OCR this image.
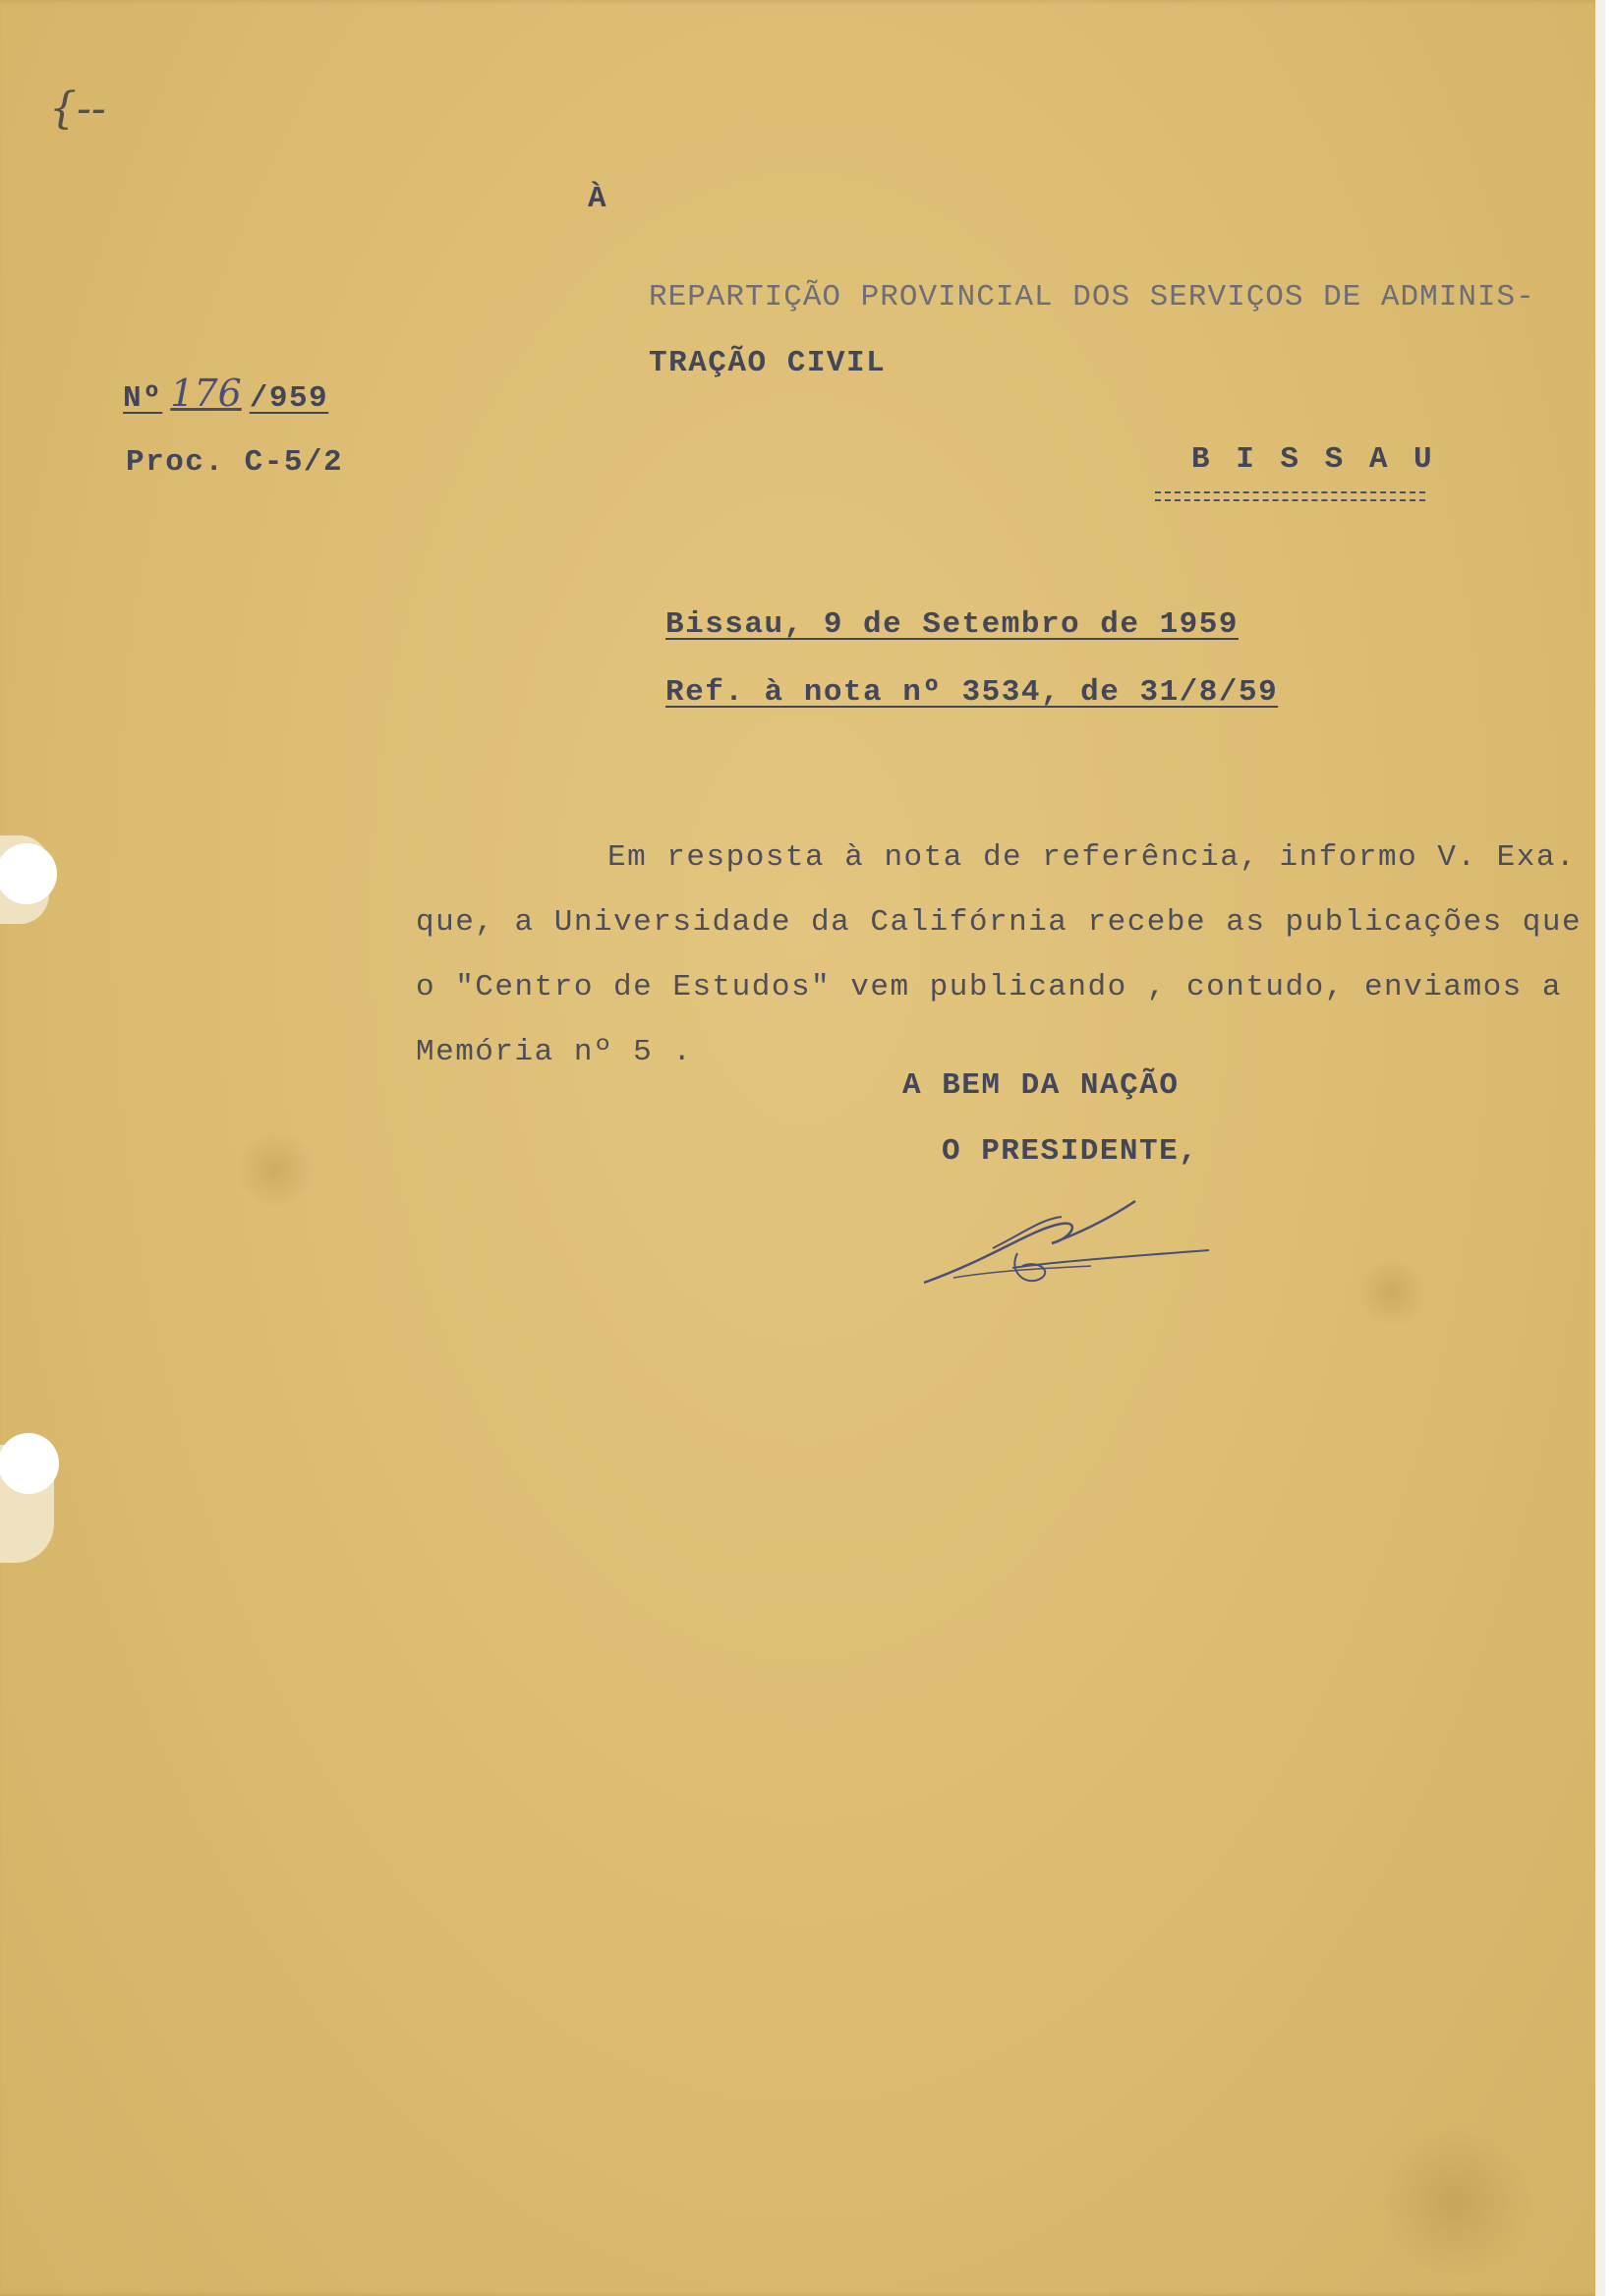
{--
À
REPARTIÇÃO PROVINCIAL DOS SERVIÇOS DE ADMINIS-
TRAÇÃO CIVIL
B I S S A U
Nº 176 /959
Proc. C-5/2
Bissau, 9 de Setembro de 1959
Ref. à nota nº 3534, de 31/8/59
Em resposta à nota de referência, informo V. Exa.
que, a Universidade da Califórnia recebe as publicações que
o "Centro de Estudos" vem publicando , contudo, enviamos a
Memória nº 5 .
A BEM DA NAÇÃO
O PRESIDENTE,
